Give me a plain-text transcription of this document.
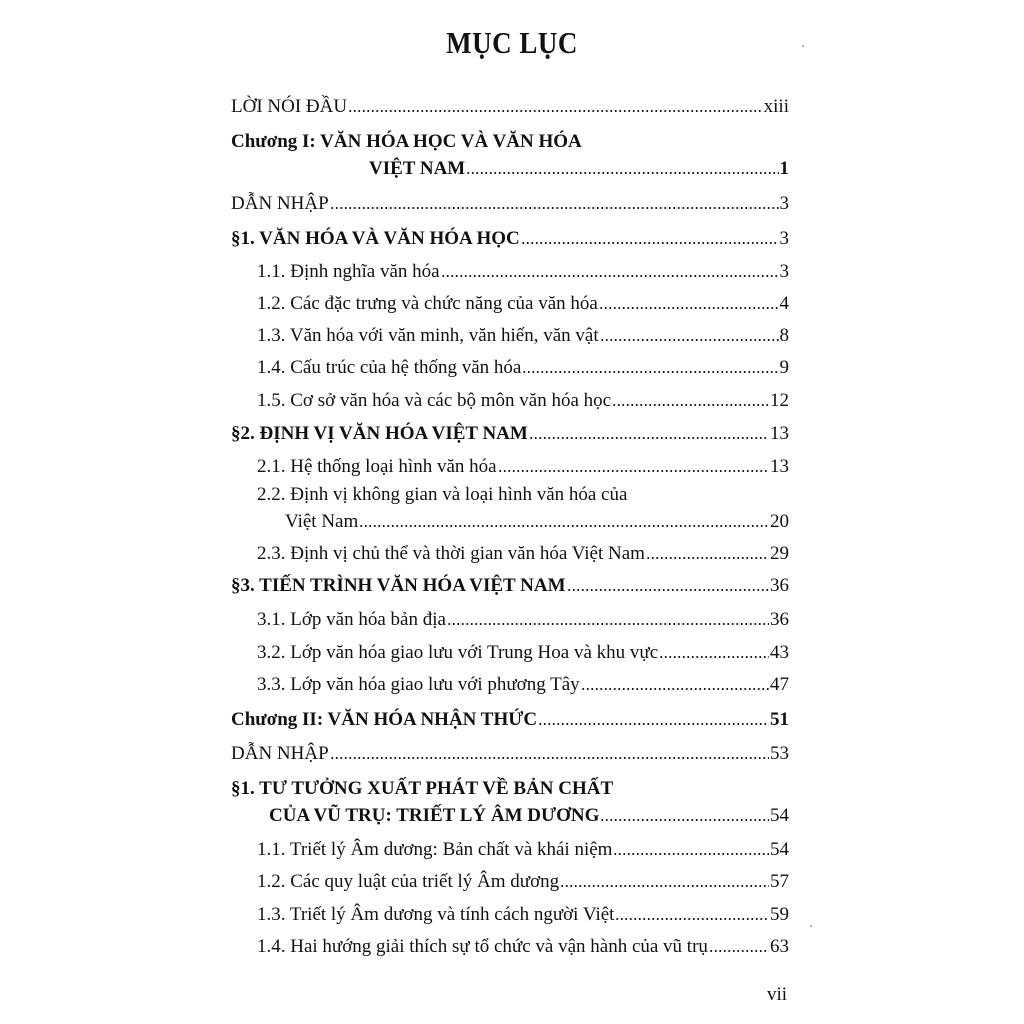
MỤC LỤC
LỜI NÓI ĐẦU	xiii
Chương I: VĂN HÓA HỌC VÀ VĂN HÓA
VIỆT NAM	1
DẪN NHẬP	3
§1. VĂN HÓA VÀ VĂN HÓA HỌC	3
1.1. Định nghĩa văn hóa	3
1.2. Các đặc trưng và chức năng của văn hóa	4
1.3. Văn hóa với văn minh, văn hiến, văn vật	8
1.4. Cấu trúc của hệ thống văn hóa	9
1.5. Cơ sở văn hóa và các bộ môn văn hóa học	12
§2. ĐỊNH VỊ VĂN HÓA VIỆT NAM	13
2.1. Hệ thống loại hình văn hóa	13
2.2. Định vị không gian và loại hình văn hóa của
Việt Nam	20
2.3. Định vị chủ thể và thời gian văn hóa Việt Nam	29
§3. TIẾN TRÌNH VĂN HÓA VIỆT NAM	36
3.1. Lớp văn hóa bản địa	36
3.2. Lớp văn hóa giao lưu với Trung Hoa và khu vực	43
3.3. Lớp văn hóa giao lưu với phương Tây	47
Chương II: VĂN HÓA NHẬN THỨC	51
DẪN NHẬP	53
§1. TƯ TƯỞNG XUẤT PHÁT VỀ BẢN CHẤT
CỦA VŨ TRỤ: TRIẾT LÝ ÂM DƯƠNG	54
1.1. Triết lý Âm dương: Bản chất và khái niệm	54
1.2. Các quy luật của triết lý Âm dương	57
1.3. Triết lý Âm dương và tính cách người Việt	59
1.4. Hai hướng giải thích sự tổ chức và vận hành của vũ trụ	63
vii
